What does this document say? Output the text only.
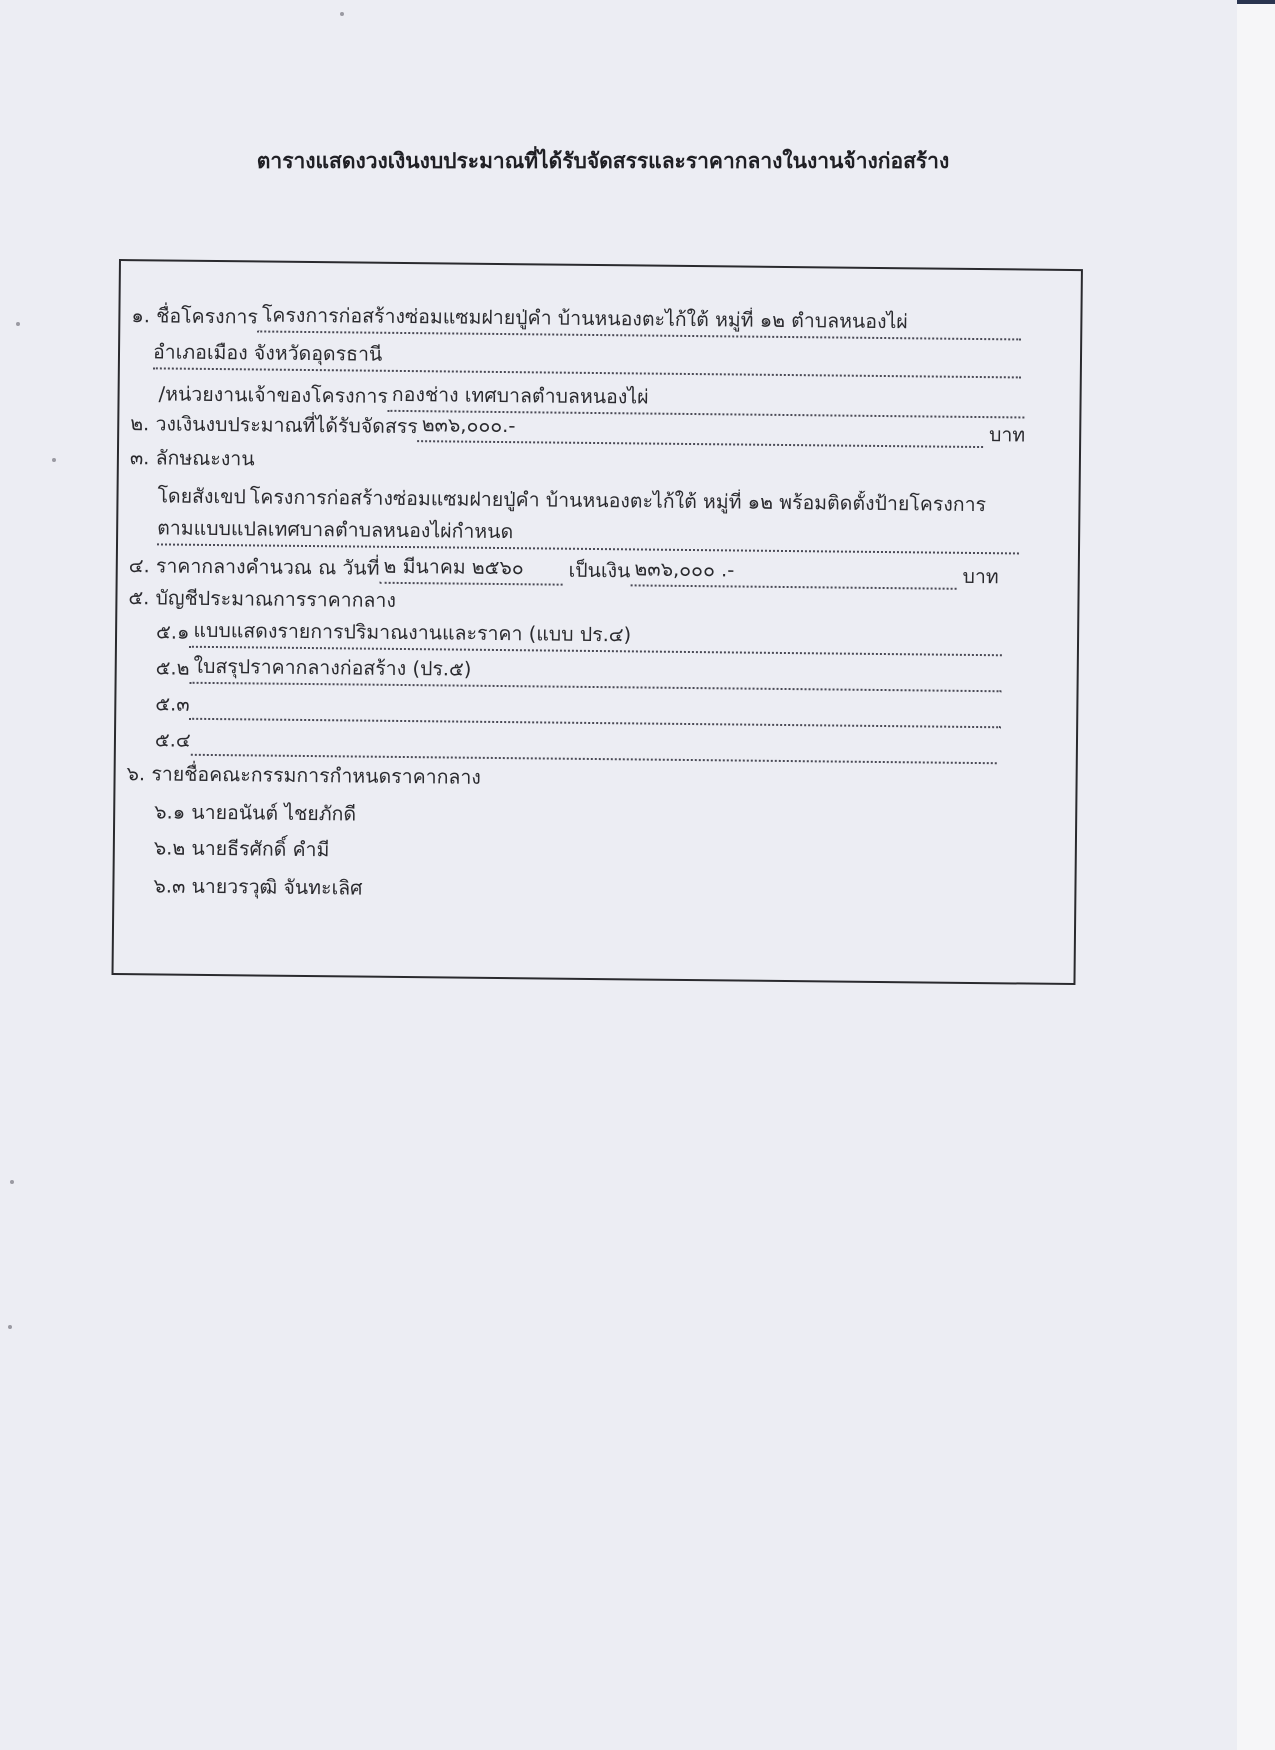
ตารางแสดงวงเงินงบประมาณที่ได้รับจัดสรรและราคากลางในงานจ้างก่อสร้าง
๑. ชื่อโครงการ โครงการก่อสร้างซ่อมแซมฝายปู่คำ บ้านหนองตะไก้ใต้ หมู่ที่ ๑๒ ตำบลหนองไผ่
อำเภอเมือง จังหวัดอุดรธานี
/หน่วยงานเจ้าของโครงการ กองช่าง เทศบาลตำบลหนองไผ่
๒. วงเงินงบประมาณที่ได้รับจัดสรร ๒๓๖,๐๐๐.-	บาท
๓. ลักษณะงาน
โดยสังเขป โครงการก่อสร้างซ่อมแซมฝายปู่คำ บ้านหนองตะไก้ใต้ หมู่ที่ ๑๒ พร้อมติดตั้งป้ายโครงการ
ตามแบบแปลเทศบาลตำบลหนองไผ่กำหนด
๔. ราคากลางคำนวณ ณ วันที่ ๒ มีนาคม ๒๕๖๐	เป็นเงิน ๒๓๖,๐๐๐ .-	บาท
๕. บัญชีประมาณการราคากลาง
๕.๑ แบบแสดงรายการปริมาณงานและราคา (แบบ ปร.๔)
๕.๒ ใบสรุปราคากลางก่อสร้าง (ปร.๕)
๕.๓
๕.๔
๖. รายชื่อคณะกรรมการกำหนดราคากลาง
๖.๑ นายอนันต์ ไชยภักดี
๖.๒ นายธีรศักดิ์ คำมี
๖.๓ นายวรวุฒิ จันทะเลิศ
